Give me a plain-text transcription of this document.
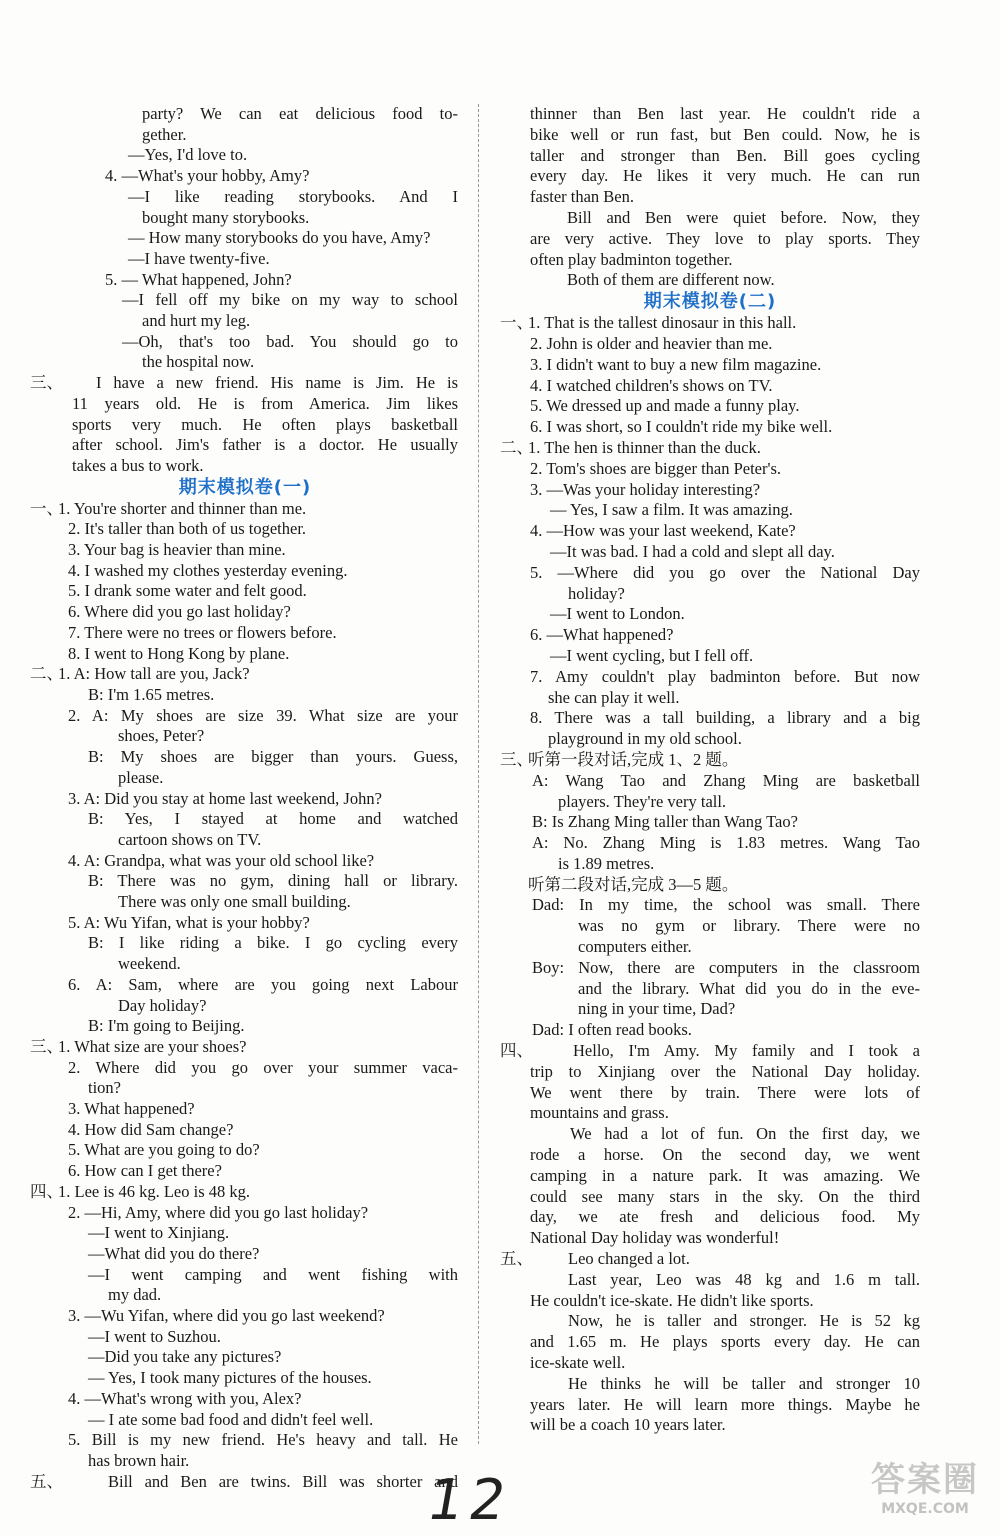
party? We can eat delicious food to-
gether.
—Yes, I'd love to.
4. —What's your hobby, Amy?
—I like reading storybooks. And I
bought many storybooks.
— How many storybooks do you have, Amy?
—I have twenty-five.
5. — What happened, John?
—I fell off my bike on my way to school
and hurt my leg.
—Oh, that's too bad. You should go to
the hospital now.
三、 I have a new friend. His name is Jim. He is
11 years old. He is from America. Jim likes
sports very much. He often plays basketball
after school. Jim's father is a doctor. He usually
takes a bus to work.
期末模拟卷(一)
一、
1. You're shorter and thinner than me.
2. It's taller than both of us together.
3. Your bag is heavier than mine.
4. I washed my clothes yesterday evening.
5. I drank some water and felt good.
6. Where did you go last holiday?
7. There were no trees or flowers before.
8. I went to Hong Kong by plane.
二、
1. A: How tall are you, Jack?
B: I'm 1.65 metres.
2. A: My shoes are size 39. What size are your
shoes, Peter?
B: My shoes are bigger than yours. Guess,
please.
3. A: Did you stay at home last weekend, John?
B: Yes, I stayed at home and watched
cartoon shows on TV.
4. A: Grandpa, what was your old school like?
B: There was no gym, dining hall or library.
There was only one small building.
5. A: Wu Yifan, what is your hobby?
B: I like riding a bike. I go cycling every
weekend.
6. A: Sam, where are you going next Labour
Day holiday?
B: I'm going to Beijing.
三、
1. What size are your shoes?
2. Where did you go over your summer vaca-
tion?
3. What happened?
4. How did Sam change?
5. What are you going to do?
6. How can I get there?
四、
1. Lee is 46 kg. Leo is 48 kg.
2. —Hi, Amy, where did you go last holiday?
—I went to Xinjiang.
—What did you do there?
—I went camping and went fishing with
my dad.
3. —Wu Yifan, where did you go last weekend?
—I went to Suzhou.
—Did you take any pictures?
— Yes, I took many pictures of the houses.
4. —What's wrong with you, Alex?
— I ate some bad food and didn't feel well.
5. Bill is my new friend. He's heavy and tall. He
has brown hair.
五、	Bill and Ben are twins. Bill was shorter and
thinner than Ben last year. He couldn't ride a
bike well or run fast, but Ben could. Now, he is
taller and stronger than Ben. Bill goes cycling
every day. He likes it very much. He can run
faster than Ben.
Bill and Ben were quiet before. Now, they
are very active. They love to play sports. They
often play badminton together.
Both of them are different now.
期末模拟卷(二)
一、
1. That is the tallest dinosaur in this hall.
2. John is older and heavier than me.
3. I didn't want to buy a new film magazine.
4. I watched children's shows on TV.
5. We dressed up and made a funny play.
6. I was short, so I couldn't ride my bike well.
二、
1. The hen is thinner than the duck.
2. Tom's shoes are bigger than Peter's.
3. —Was your holiday interesting?
— Yes, I saw a film. It was amazing.
4. —How was your last weekend, Kate?
—It was bad. I had a cold and slept all day.
5. —Where did you go over the National Day
holiday?
—I went to London.
6. —What happened?
—I went cycling, but I fell off.
7. Amy couldn't play badminton before. But now
she can play it well.
8. There was a tall building, a library and a big
playground in my old school.
三、
听第一段对话,完成 1、2 题。
A: Wang Tao and Zhang Ming are basketball
players. They're very tall.
B: Is Zhang Ming taller than Wang Tao?
A: No. Zhang Ming is 1.83 metres. Wang Tao
is 1.89 metres.
听第二段对话,完成 3—5 题。
Dad: In my time, the school was small. There
was no gym or library. There were no
computers either.
Boy: Now, there are computers in the classroom
and the library. What did you do in the eve-
ning in your time, Dad?
Dad: I often read books.
四、 Hello, I'm Amy. My family and I took a
trip to Xinjiang over the National Day holiday.
We went there by train. There were lots of
mountains and grass.
We had a lot of fun. On the first day, we
rode a horse. On the second day, we went
camping in a nature park. It was amazing. We
could see many stars in the sky. On the third
day, we ate fresh and delicious food. My
National Day holiday was wonderful!
五、 Leo changed a lot.
Last year, Leo was 48 kg and 1.6 m tall.
He couldn't ice-skate. He didn't like sports.
Now, he is taller and stronger. He is 52 kg
and 1.65 m. He plays sports every day. He can
ice-skate well.
He thinks he will be taller and stronger 10
years later. He will learn more things. Maybe he
will be a coach 10 years later.
12	答案圈
MXQE.COM
